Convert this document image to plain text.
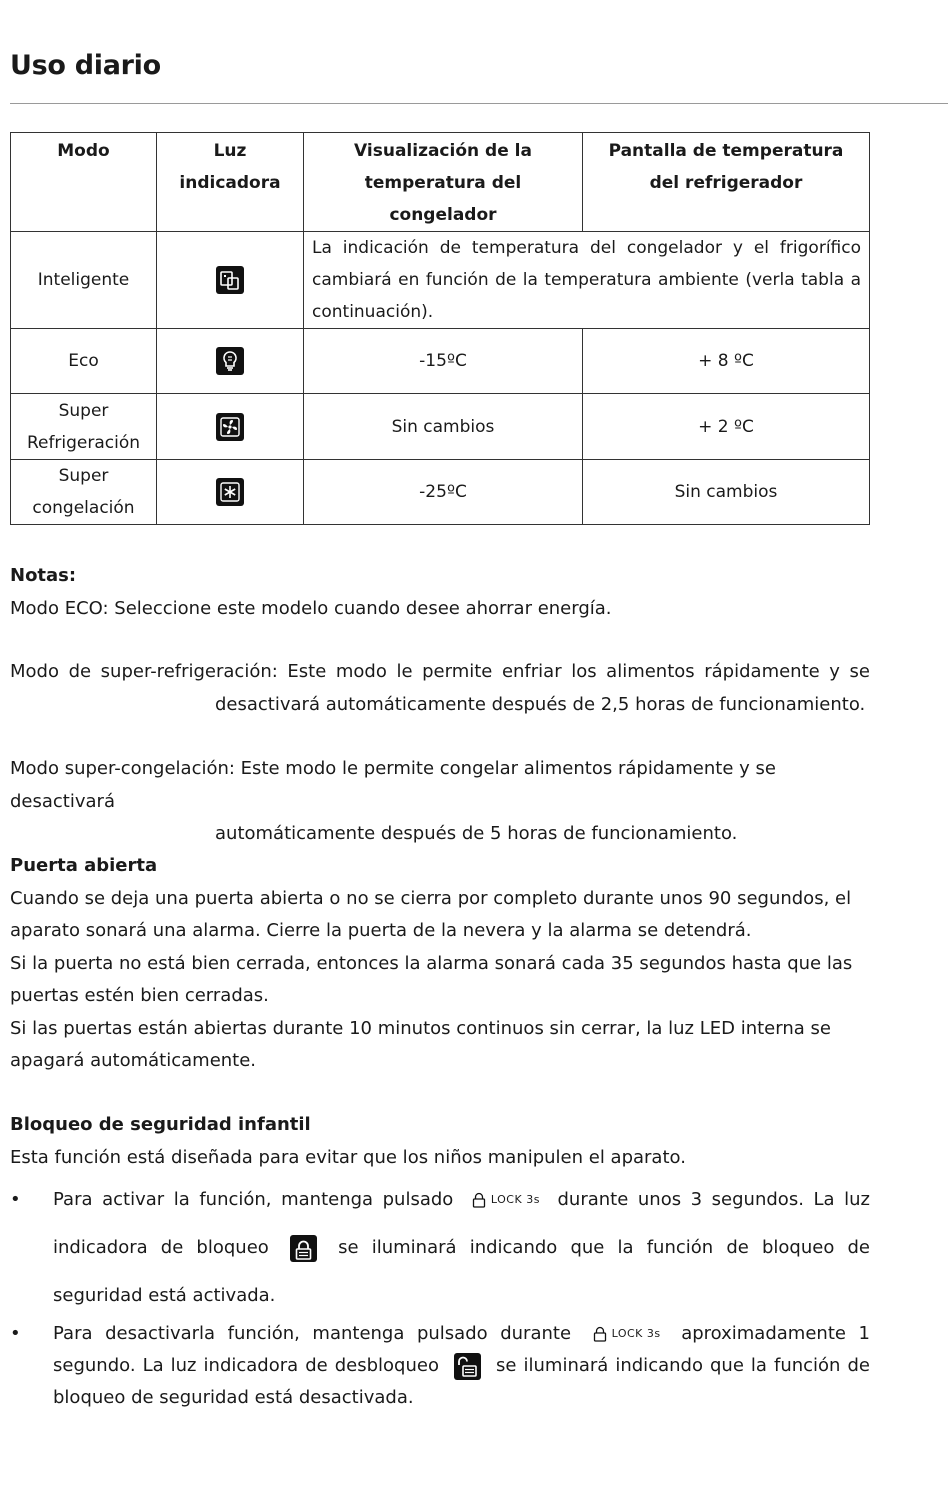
Uso diario
Modo	Luz indicadora	Visualización de la temperatura del congelador	Pantalla de temperatura del refrigerador
Inteligente		La indicación de temperatura del congelador y el frigorífico cambiará en función de la temperatura ambiente (verla tabla a continuación).	
Eco		-15ºC	+ 8 ºC
Super Refrigeración		Sin cambios	+ 2 ºC
Super congelación		-25ºC	Sin cambios
Notas:
Modo ECO: Seleccione este modelo cuando desee ahorrar energía.
Modo de super-refrigeración: Este modo le permite enfriar los alimentos rápidamente y se
desactivará automáticamente después de 2,5 horas de funcionamiento.
Modo super-congelación: Este modo le permite congelar alimentos rápidamente y se desactivará
automáticamente después de 5 horas de funcionamiento.
Puerta abierta
Cuando se deja una puerta abierta o no se cierra por completo durante unos 90 segundos, el aparato sonará una alarma. Cierre la puerta de la nevera y la alarma se detendrá.
Si la puerta no está bien cerrada, entonces la alarma sonará cada 35 segundos hasta que las puertas estén bien cerradas.
Si las puertas están abiertas durante 10 minutos continuos sin cerrar, la luz LED interna se apagará automáticamente.
Bloqueo de seguridad infantil
Esta función está diseñada para evitar que los niños manipulen el aparato.
• Para activar la función, mantenga pulsado	LOCK 3s durante unos 3 segundos. La luz indicadora de bloqueo	se iluminará indicando que la función de bloqueo de seguridad está activada.
• Para desactivarla función, mantenga pulsado durante	LOCK 3s aproximadamente 1 segundo. La luz indicadora de desbloqueo	se iluminará indicando que la función de bloqueo de seguridad está desactivada.
